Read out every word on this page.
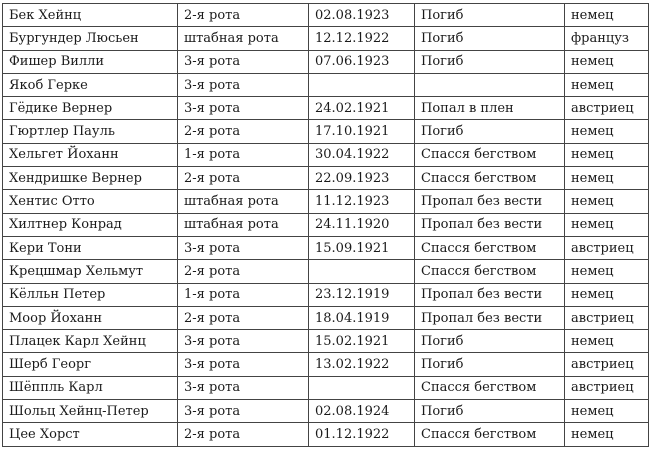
Бек Хейнц	2-я рота	02.08.1923	Погиб	немец
Бургундер Люсьен	штабная рота	12.12.1922	Погиб	француз
Фишер Вилли	3-я рота	07.06.1923	Погиб	немец
Якоб Герке	3-я рота			немец
Гёдике Вернер	3-я рота	24.02.1921	Попал в плен	австриец
Гюртлер Пауль	2-я рота	17.10.1921	Погиб	немец
Хельгет Йоханн	1-я рота	30.04.1922	Спасся бегством	немец
Хендришке Вернер	2-я рота	22.09.1923	Спасся бегством	немец
Хентис Отто	штабная рота	11.12.1923	Пропал без вести	немец
Хилтнер Конрад	штабная рота	24.11.1920	Пропал без вести	немец
Кери Тони	3-я рота	15.09.1921	Спасся бегством	австриец
Крецшмар Хельмут	2-я рота		Спасся бегством	немец
Кёлльн Петер	1-я рота	23.12.1919	Пропал без вести	немец
Моор Йоханн	2-я рота	18.04.1919	Пропал без вести	австриец
Плацек Карл Хейнц	3-я рота	15.02.1921	Погиб	немец
Шерб Георг	3-я рота	13.02.1922	Погиб	австриец
Шёппль Карл	3-я рота		Спасся бегством	австриец
Шольц Хейнц-Петер	3-я рота	02.08.1924	Погиб	немец
Цее Хорст	2-я рота	01.12.1922	Спасся бегством	немец
